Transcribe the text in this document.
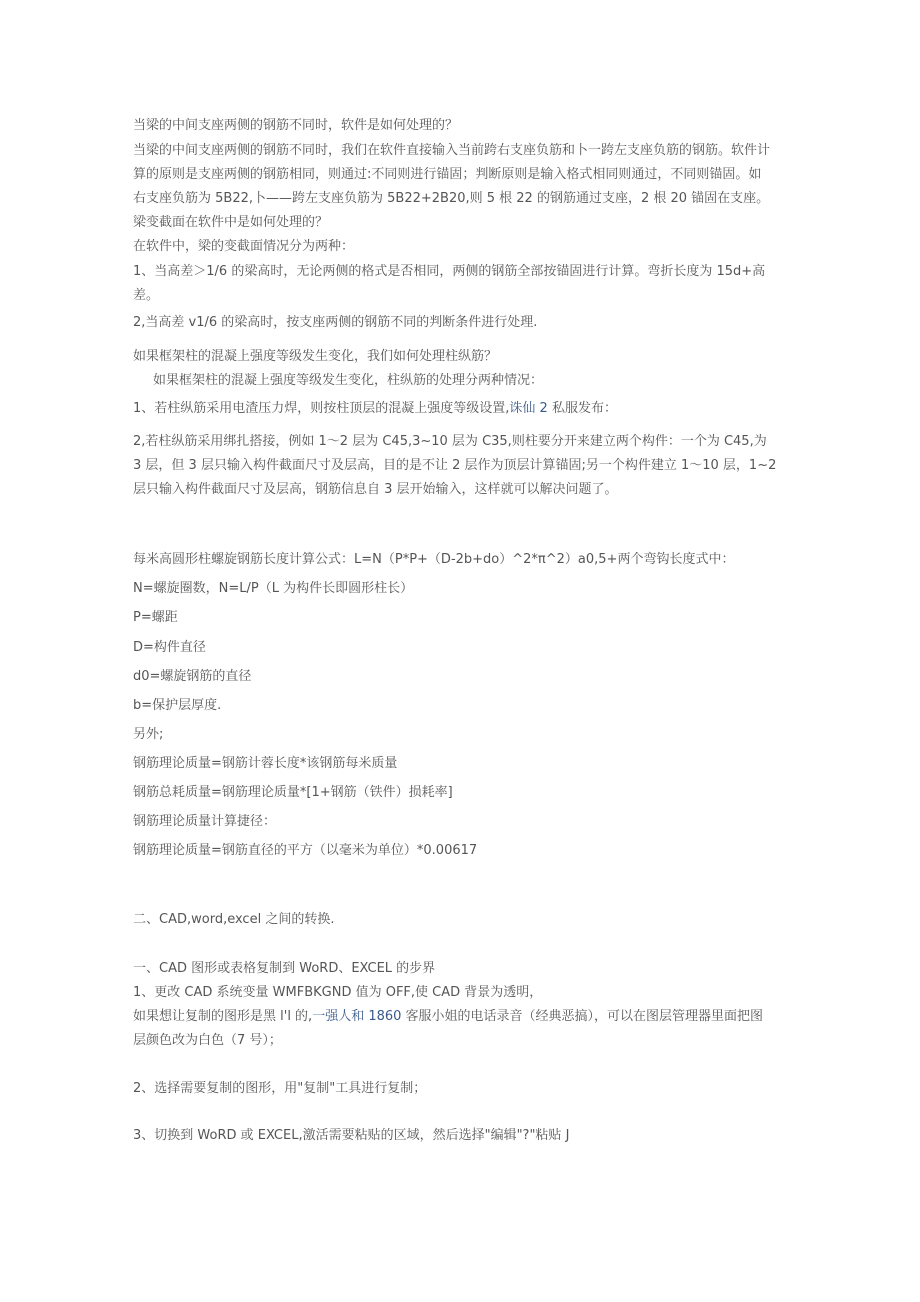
当梁的中间支座两侧的钢筋不同时，软件是如何处理的？
当梁的中间支座两侧的钢筋不同时，我们在软件直接输入当前跨右支座负筋和卜一跨左支座负筋的钢筋。软件计
算的原则是支座两侧的钢筋相同，则通过:不同则进行锚固；判断原则是输入格式相同则通过，不同则锚固。如
右支座负筋为 5B22,卜——跨左支座负筋为 5B22+2B20,则 5 根 22 的钢筋通过支座，2 根 20 锚固在支座。
梁变截面在软件中是如何处理的？
在软件中，梁的变截面情况分为两种：
1、当高差＞1/6 的梁高时，无论两侧的格式是否相同，两侧的钢筋全部按锚固进行计算。弯折长度为 15d+高
差。
2,当高差 v1/6 的梁高时，按支座两侧的钢筋不同的判断条件进行处理.
如果框架柱的混凝上强度等级发生变化，我们如何处理柱纵筋？
如果框架柱的混凝上强度等级发生变化，柱纵筋的处理分两种情况：
1、若柱纵筋采用电渣压力焊，则按柱顶层的混凝上强度等级设置,诛仙 2 私服发布：
2,若柱纵筋采用绑扎搭接，例如 1〜2 层为 C45,3~10 层为 C35,则柱要分开来建立两个构件：一个为 C45,为
3 层，但 3 层只输入构件截面尺寸及层高，目的是不让 2 层作为顶层计算锚固;另一个构件建立 1〜10 层，1~2
层只输入构件截面尺寸及层高，钢筋信息自 3 层开始输入，这样就可以解决问题了。
每米高圆形柱螺旋钢筋长度计算公式：L=N（P*P+（D-2b+do）^2*π^2）a0,5+两个弯钩长度式中：
N=螺旋圈数，N=L/P（L 为构件长即圆形柱长）
P=螺距
D=构件直径
d0=螺旋钢筋的直径
b=保护层厚度.
另外;
钢筋理论质量=钢筋计蓉长度*该钢筋每米质量
钢筋总耗质量=钢筋理论质量*[1+钢筋（铁件）损耗率]
钢筋理论质量计算捷径：
钢筋理论质量=钢筋直径的平方（以毫米为单位）*0.00617
二、CAD,word,excel 之间的转换.
一、CAD 图形或表格复制到 WoRD、EXCEL 的步界
1、更改 CAD 系统变量 WMFBKGND 值为 OFF,使 CAD 背景为透明，
如果想让复制的图形是黑 l'l 的,一强人和 1860 客服小姐的电话录音（经典恶搞），可以在图层管理器里面把图
层颜色改为白色（7 号）；
2、选择需要复制的图形，用"复制"工具进行复制；
3、切换到 WoRD 或 EXCEL,激活需要粘贴的区域，然后选择"编辑"?"粘贴 J
